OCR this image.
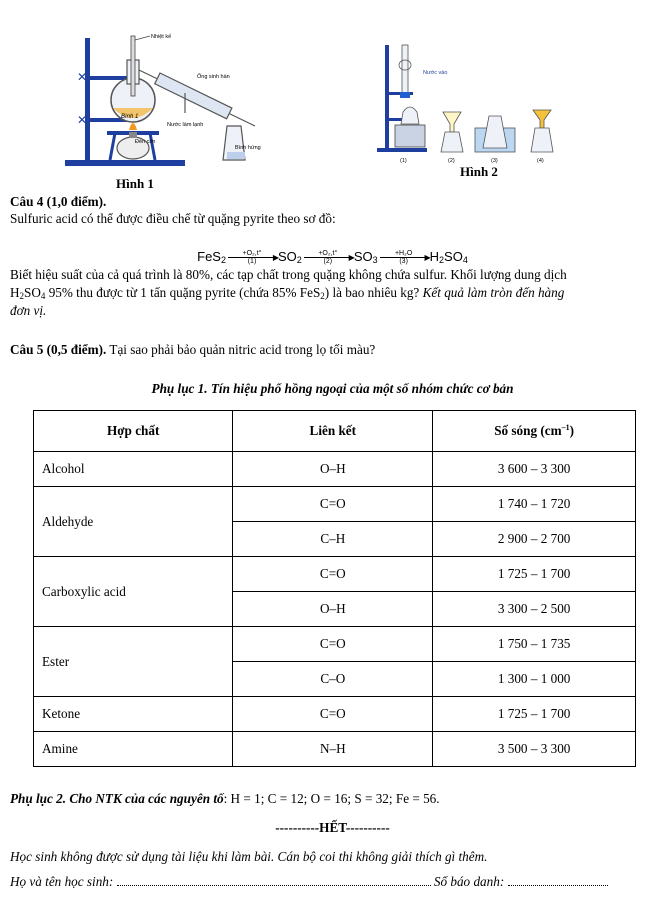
✕
✕
Nhiệt kế
Ống sinh hàn
Bình 1
Nước làm lạnh
Đèn cồn
Bình hứng
Hình 1
Nước vào
(1)	(2)	(3)	(4)
Hình 2
Câu 4 (1,0 điểm).
Sulfuric acid có thể được điều chế từ quặng pyrite theo sơ đồ:
FeS$_2$
+O₂,t° ▶
(1) $SO_2$
+O₂,t° ▶
(2) $SO_3$
+H₂O ▶
(3) $H_2SO_4$
Biết hiệu suất của cả quá trình là 80%, các tạp chất trong quặng không chứa sulfur. Khối lượng dung dịch
$H_2SO_4$ 95% thu được từ 1 tấn quặng pyrite (chứa 85% FeS$_2$) là bao nhiêu kg? Kết quả làm tròn đến hàng
đơn vị.
Câu 5 (0,5 điểm). Tại sao phải bảo quản nitric acid trong lọ tối màu?
Phụ lục 1. Tín hiệu phổ hồng ngoại của một số nhóm chức cơ bản
Hợp chất	Liên kết	Số sóng $(cm^{-1})$
Alcohol	O–H	3 600 – 3 300
Aldehyde	C=O	1 740 – 1 720
	C–H	2 900 – 2 700
Carboxylic acid	C=O	1 725 – 1 700
	O–H	3 300 – 2 500
Ester	C=O	1 750 – 1 735
	C–O	1 300 – 1 000
Ketone	C=O	1 725 – 1 700
Amine	N–H	3 500 – 3 300
Phụ lục 2. Cho NTK của các nguyên tố: H = 1; C = 12; O = 16; S = 32; Fe = 56.
----------HẾT----------
Học sinh không được sử dụng tài liệu khi làm bài. Cán bộ coi thi không giải thích gì thêm.
Họ và tên học sinh:	Số báo danh:
